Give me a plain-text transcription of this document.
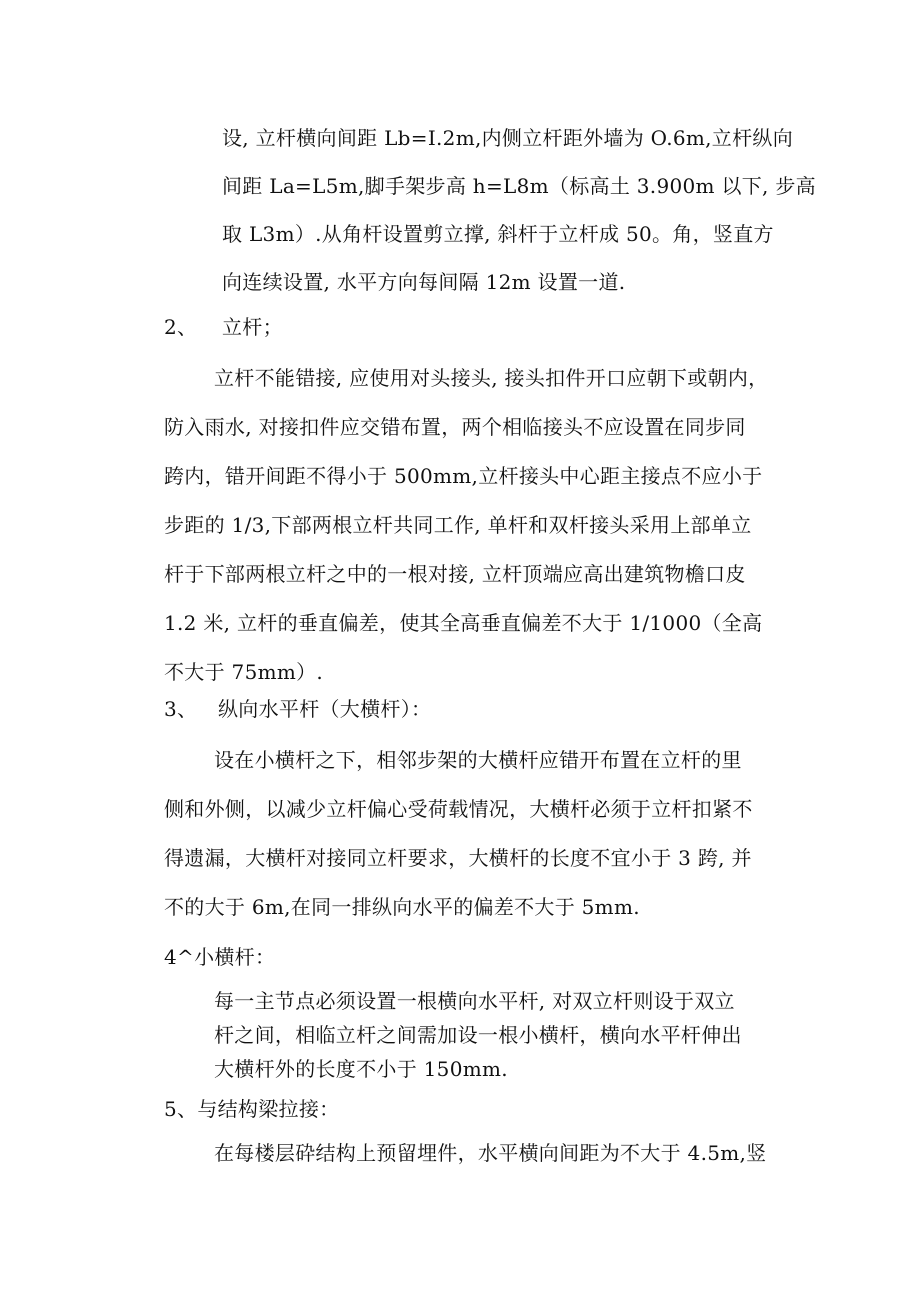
设, 立杆横向间距 Lb=I.2m,内侧立杆距外墙为 O.6m,立杆纵向
间距 La=L5m,脚手架步高 h=L8m（标高土 3.900m 以下, 步高
取 L3m）.从角杆设置剪立撑, 斜杆于立杆成 50。角，竖直方
向连续设置, 水平方向每间隔 12m 设置一道.
2、 立杆；
立杆不能错接, 应使用对头接头, 接头扣件开口应朝下或朝内，
防入雨水, 对接扣件应交错布置，两个相临接头不应设置在同步同
跨内，错开间距不得小于 500mm,立杆接头中心距主接点不应小于
步距的 1/3,下部两根立杆共同工作, 单杆和双杆接头采用上部单立
杆于下部两根立杆之中的一根对接, 立杆顶端应高出建筑物檐口皮
1.2 米, 立杆的垂直偏差，使其全高垂直偏差不大于 1/1000（全高
不大于 75mm）.
3、 纵向水平杆（大横杆）：
设在小横杆之下，相邻步架的大横杆应错开布置在立杆的里
侧和外侧，以减少立杆偏心受荷载情况，大横杆必须于立杆扣紧不
得遗漏，大横杆对接同立杆要求，大横杆的长度不宜小于 3 跨, 并
不的大于 6m,在同一排纵向水平的偏差不大于 5mm.
4^小横杆：
每一主节点必须设置一根横向水平杆, 对双立杆则设于双立
杆之间，相临立杆之间需加设一根小横杆，横向水平杆伸出
大横杆外的长度不小于 150mm.
5、与结构梁拉接：
在每楼层砕结构上预留埋件，水平横向间距为不大于 4.5m,竖
